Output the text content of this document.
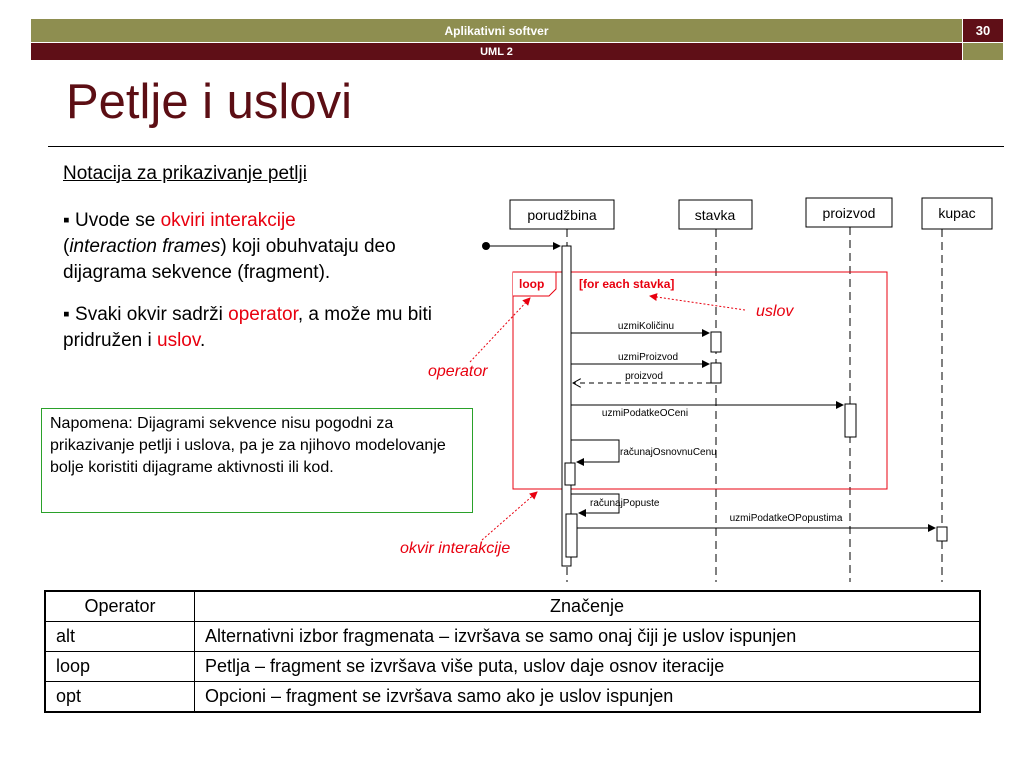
Aplikativni softver	30
UML 2
Petlje i uslovi
Notacija za prikazivanje petlji

▪ Uvode se okviri interakcije
(interaction frames) koji obuhvataju deo dijagrama sekvence (fragment).

▪ Svaki okvir sadrži operator, a može mu biti pridružen i uslov.

Napomena: Dijagrami sekvence nisu pogodni za prikazivanje petlji i uslova, pa je za njihovo modelovanje bolje koristiti dijagrame aktivnosti ili kod.
porudžbina	stavka	proizvod	kupac
loop	[for each stavka]
uzmiKoličinu
uzmiProizvod
proizvod
uzmiPodatkeOCeni
računajOsnovnuCenu
računajPopuste
uzmiPodatkeOPopustima
uslov
operator
okvir interakcije
Operator	Značenje
alt	Alternativni izbor fragmenata – izvršava se samo onaj čiji je uslov ispunjen
loop	Petlja – fragment se izvršava više puta, uslov daje osnov iteracije
opt	Opcioni – fragment se izvršava samo ako je uslov ispunjen
